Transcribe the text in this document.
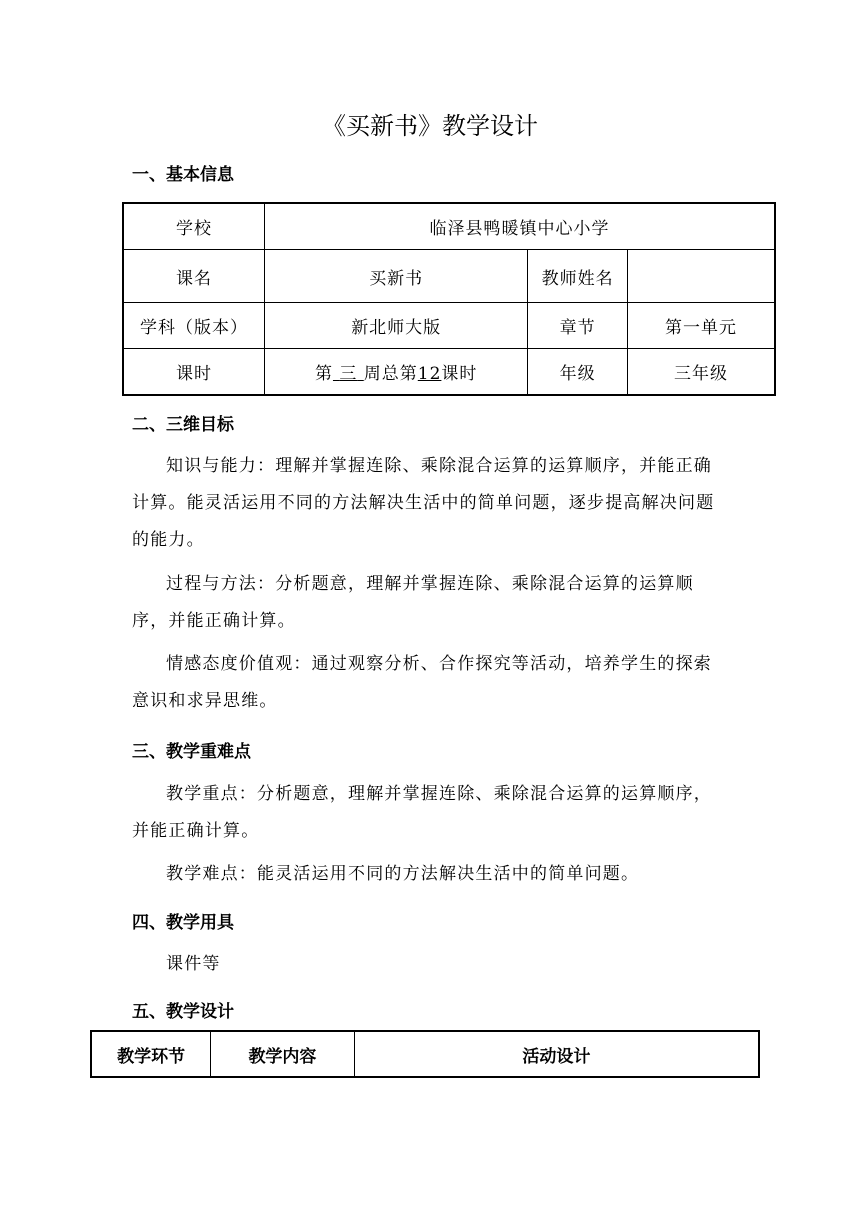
《买新书》教学设计
一、基本信息
学校	临泽县鸭暖镇中心小学		
课名	买新书	教师姓名	
学科（版本）	新北师大版	章节	第一单元
课时	第 三 周总第12课时	年级	三年级
二、三维目标
知识与能力：理解并掌握连除、乘除混合运算的运算顺序，并能正确计算。能灵活运用不同的方法解决生活中的简单问题，逐步提高解决问题的能力。
过程与方法：分析题意，理解并掌握连除、乘除混合运算的运算顺序，并能正确计算。
情感态度价值观：通过观察分析、合作探究等活动，培养学生的探索意识和求异思维。
三、教学重难点
教学重点：分析题意，理解并掌握连除、乘除混合运算的运算顺序，并能正确计算。
教学难点：能灵活运用不同的方法解决生活中的简单问题。
四、教学用具
课件等
五、教学设计
教学环节	教学内容	活动设计
